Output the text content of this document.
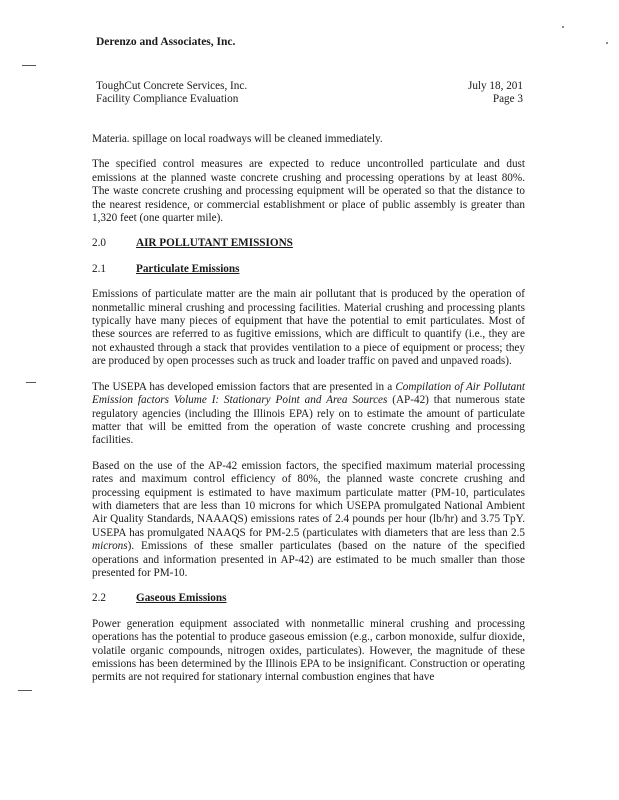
Derenzo and Associates, Inc.
ToughCut Concrete Services, Inc.
Facility Compliance Evaluation
July 18, 201
Page 3

Materia. spillage on local roadways will be cleaned immediately.

The specified control measures are expected to reduce uncontrolled particulate and dust emissions at the planned waste concrete crushing and processing operations by at least 80%. The waste concrete crushing and processing equipment will be operated so that the distance to the nearest residence, or commercial establishment or place of public assembly is greater than 1,320 feet (one quarter mile).

2.0	AIR POLLUTANT EMISSIONS
2.1	Particulate Emissions

Emissions of particulate matter are the main air pollutant that is produced by the operation of nonmetallic mineral crushing and processing facilities. Material crushing and processing plants typically have many pieces of equipment that have the potential to emit particulates. Most of these sources are referred to as fugitive emissions, which are difficult to quantify (i.e., they are not exhausted through a stack that provides ventilation to a piece of equipment or process; they are produced by open processes such as truck and loader traffic on paved and unpaved roads).

The USEPA has developed emission factors that are presented in a Compilation of Air Pollutant Emission factors Volume I: Stationary Point and Area Sources (AP-42) that numerous state regulatory agencies (including the Illinois EPA) rely on to estimate the amount of particulate matter that will be emitted from the operation of waste concrete crushing and processing facilities.

Based on the use of the AP-42 emission factors, the specified maximum material processing rates and maximum control efficiency of 80%, the planned waste concrete crushing and processing equipment is estimated to have maximum particulate matter (PM-10, particulates with diameters that are less than 10 microns for which USEPA promulgated National Ambient Air Quality Standards, NAAAQS) emissions rates of 2.4 pounds per hour (lb/hr) and 3.75 TpY. USEPA has promulgated NAAQS for PM-2.5 (particulates with diameters that are less than 2.5 microns). Emissions of these smaller particulates (based on the nature of the specified operations and information presented in AP-42) are estimated to be much smaller than those presented for PM-10.

2.2	Gaseous Emissions

Power generation equipment associated with nonmetallic mineral crushing and processing operations has the potential to produce gaseous emission (e.g., carbon monoxide, sulfur dioxide, volatile organic compounds, nitrogen oxides, particulates). However, the magnitude of these emissions has been determined by the Illinois EPA to be insignificant. Construction or operating permits are not required for stationary internal combustion engines that have
